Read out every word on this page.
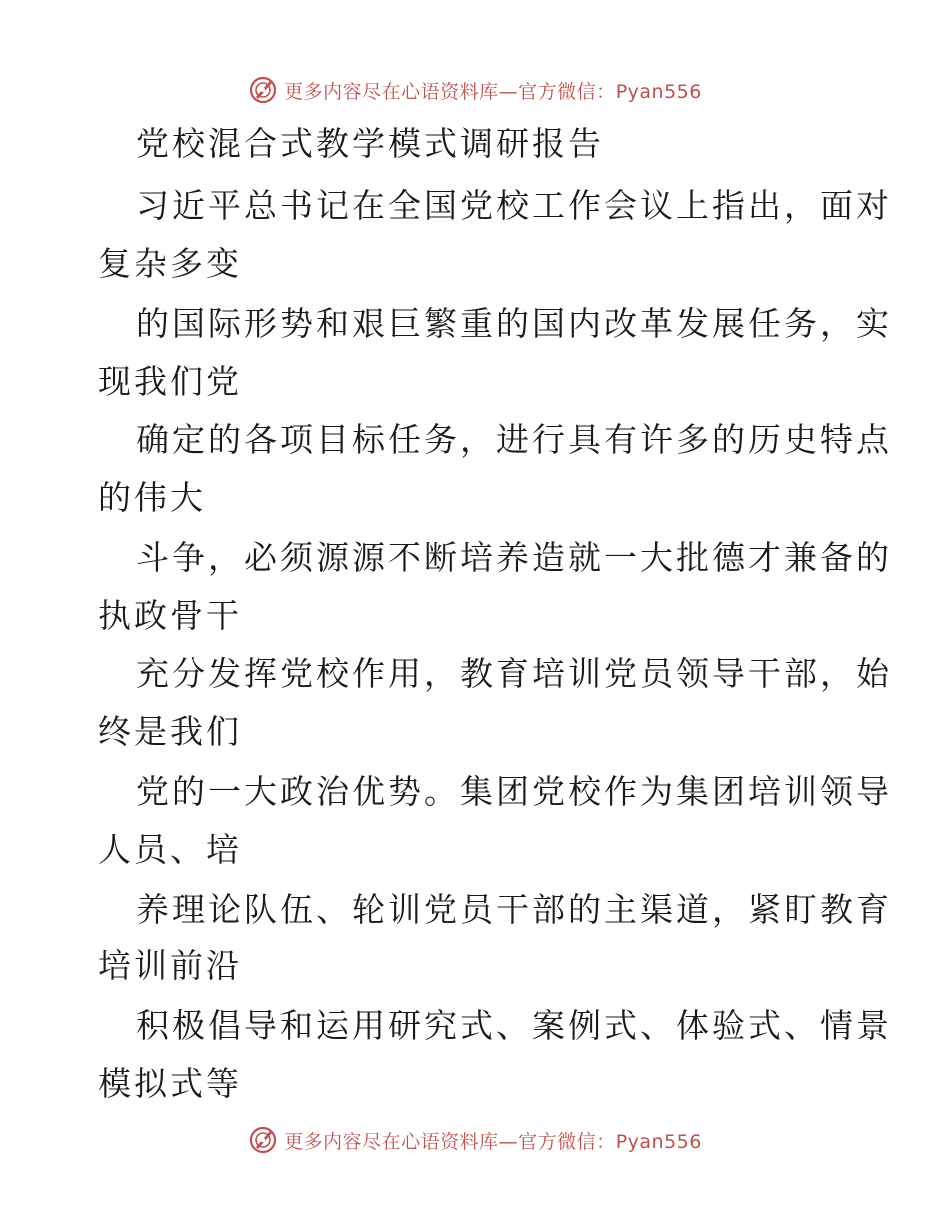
更多内容尽在心语资料库—官方微信：Pyan556
党校混合式教学模式调研报告
习近平总书记在全国党校工作会议上指出，面对
复杂多变
的国际形势和艰巨繁重的国内改革发展任务，实
现我们党
确定的各项目标任务，进行具有许多的历史特点
的伟大
斗争，必须源源不断培养造就一大批德才兼备的
执政骨干
充分发挥党校作用，教育培训党员领导干部，始
终是我们
党的一大政治优势。集团党校作为集团培训领导
人员、培
养理论队伍、轮训党员干部的主渠道，紧盯教育
培训前沿
积极倡导和运用研究式、案例式、体验式、情景
模拟式等
更多内容尽在心语资料库—官方微信：Pyan556
